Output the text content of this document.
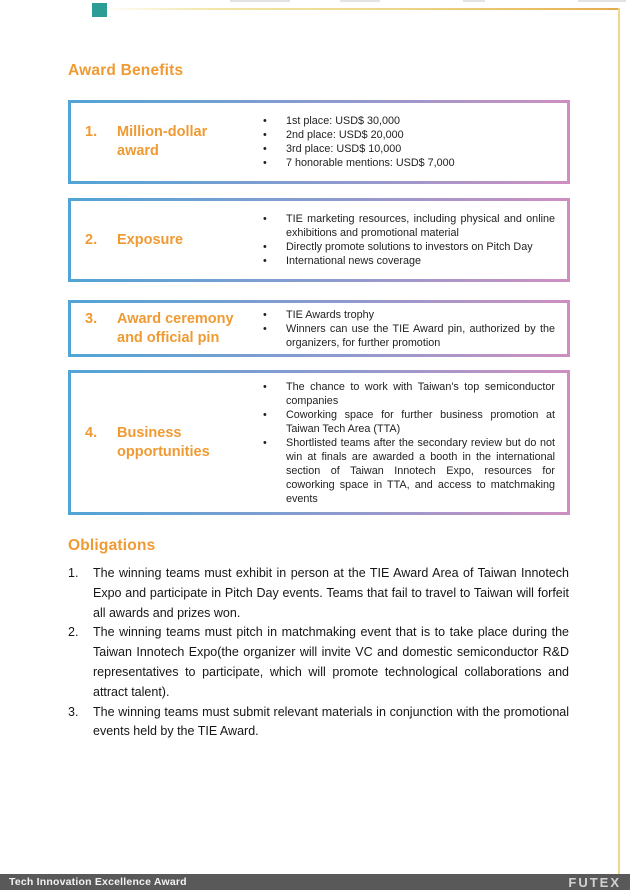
Award Benefits
1.	Million-dollar award
• 1st place: USD$ 30,000
• 2nd place: USD$ 20,000
• 3rd place: USD$ 10,000
• 7 honorable mentions: USD$ 7,000
2.	Exposure
• TIE marketing resources, including physical and online exhibitions and promotional material
• Directly promote solutions to investors on Pitch Day
• International news coverage
3.	Award ceremony and official pin
• TIE Awards trophy
• Winners can use the TIE Award pin, authorized by the organizers, for further promotion
4.	Business opportunities
• The chance to work with Taiwan's top semiconductor companies
• Coworking space for further business promotion at Taiwan Tech Area (TTA)
• Shortlisted teams after the secondary review but do not win at finals are awarded a booth in the international section of Taiwan Innotech Expo, resources for coworking space in TTA, and access to matchmaking events
Obligations
1. The winning teams must exhibit in person at the TIE Award Area of Taiwan Innotech Expo and participate in Pitch Day events. Teams that fail to travel to Taiwan will forfeit all awards and prizes won.
2. The winning teams must pitch in matchmaking event that is to take place during the Taiwan Innotech Expo(the organizer will invite VC and domestic semiconductor R&D representatives to participate, which will promote technological collaborations and attract talent).
3. The winning teams must submit relevant materials in conjunction with the promotional events held by the TIE Award.
Tech Innovation Excellence Award	FUTEX
